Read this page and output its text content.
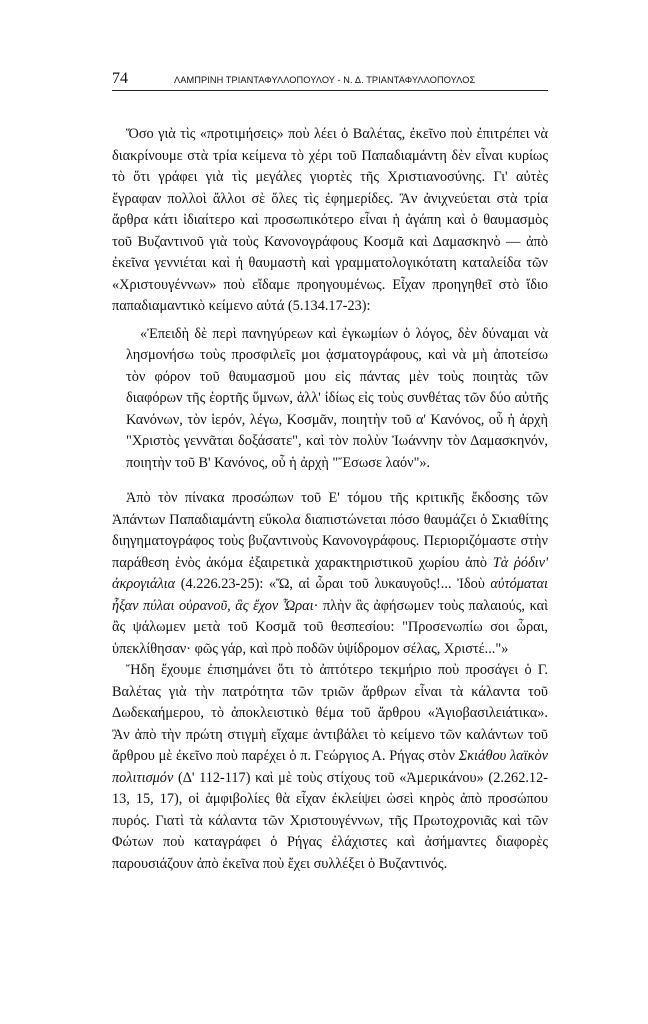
74	ΛΑΜΠΡΙΝΗ ΤΡΙΑΝΤΑΦΥΛΛΟΠΟΥΛΟΥ - Ν. Δ. ΤΡΙΑΝΤΑΦΥΛΛΟΠΟΥΛΟΣ

Ὅσο γιὰ τὶς «προτιμήσεις» ποὺ λέει ὁ Βαλέτας, ἐκεῖνο ποὺ ἐπιτρέπει νὰ διακρίνουμε στὰ τρία κείμενα τὸ χέρι τοῦ Παπαδιαμάντη δὲν εἶναι κυρίως τὸ ὅτι γράφει γιὰ τὶς μεγάλες γιορτὲς τῆς Χριστιανοσύνης. Γι' αὐτὲς ἔγραφαν πολλοὶ ἄλλοι σὲ ὅλες τὶς ἐφημερίδες. Ἂν ἀνιχνεύεται στὰ τρία ἄρθρα κάτι ἰδιαίτερο καὶ προσωπικότερο εἶναι ἡ ἀγάπη καὶ ὁ θαυμασμὸς τοῦ Βυζαντινοῦ γιὰ τοὺς Κανονογράφους Κοσμᾶ καὶ Δαμασκηνὸ — ἀπὸ ἐκεῖνα γεννιέται καὶ ἡ θαυμαστὴ καὶ γραμματολογικότατη καταλείδα τῶν «Χριστουγέννων» ποὺ εἴδαμε προηγουμένως. Εἶχαν προηγηθεῖ στὸ ἴδιο παπαδιαμαντικὸ κείμενο αὐτά (5.134.17-23):

«Ἐπειδὴ δὲ περὶ πανηγύρεων καὶ ἐγκωμίων ὁ λόγος, δὲν δύναμαι νὰ λησμονήσω τοὺς προσφιλεῖς μοι ᾀσματογράφους, καὶ νὰ μὴ ἀποτείσω τὸν φόρον τοῦ θαυμασμοῦ μου εἰς πάντας μὲν τοὺς ποιητὰς τῶν διαφόρων τῆς ἑορτῆς ὕμνων, ἀλλ' ἰδίως εἰς τοὺς συνθέτας τῶν δύο αὐτῆς Κανόνων, τὸν ἱερόν, λέγω, Κοσμᾶν, ποιητὴν τοῦ α' Κανόνος, οὗ ἡ ἀρχὴ "Χριστὸς γεννᾶται δοξάσατε", καὶ τὸν πολὺν Ἰωάννην τὸν Δαμασκηνόν, ποιητὴν τοῦ Β' Κανόνος, οὗ ἡ ἀρχὴ "Ἔσωσε λαόν"».

Ἀπὸ τὸν πίνακα προσώπων τοῦ Ε' τόμου τῆς κριτικῆς ἔκδοσης τῶν Ἁπάντων Παπαδιαμάντη εὔκολα διαπιστώνεται πόσο θαυμάζει ὁ Σκιαθίτης διηγηματογράφος τοὺς βυζαντινοὺς Κανονογράφους. Περιοριζόμαστε στὴν παράθεση ἑνὸς ἀκόμα ἐξαιρετικὰ χαρακτηριστικοῦ χωρίου ἀπὸ Τὰ ῥόδιν' ἀκρογιάλια (4.226.23-25): «Ὤ, αἱ ὧραι τοῦ λυκαυγοῦς!... Ἰδοὺ αὐτόμαται ἦξαν πύλαι οὐρανοῦ, ἃς ἔχον Ὧραι· πλὴν ἃς ἀφήσωμεν τοὺς παλαιούς, καὶ ἂς ψάλωμεν μετὰ τοῦ Κοσμᾶ τοῦ θεσπεσίου: "Προσενωπίω σοι ὧραι, ὑπεκλίθησαν· φῶς γάρ, καὶ πρὸ ποδῶν ὑψίδρομον σέλας, Χριστέ..."»

Ἤδη ἔχουμε ἐπισημάνει ὅτι τὸ ἀπτότερο τεκμήριο ποὺ προσάγει ὁ Γ. Βαλέτας γιὰ τὴν πατρότητα τῶν τριῶν ἄρθρων εἶναι τὰ κάλαντα τοῦ Δωδεκαήμερου, τὸ ἀποκλειστικὸ θέμα τοῦ ἄρθρου «Ἁγιοβασιλειάτικα». Ἂν ἀπὸ τὴν πρώτη στιγμὴ εἴχαμε ἀντιβάλει τὸ κείμενο τῶν καλάντων τοῦ ἄρθρου μὲ ἐκεῖνο ποὺ παρέχει ὁ π. Γεώργιος Α. Ρήγας στὸν Σκιάθου λαϊκὸν πολιτισμόν (Δ' 112-117) καὶ μὲ τοὺς στίχους τοῦ «Ἀμερικάνου» (2.262.12-13, 15, 17), οἱ ἀμφιβολίες θὰ εἶχαν ἐκλείψει ὡσεὶ κηρὸς ἀπὸ προσώπου πυρός. Γιατὶ τὰ κάλαντα τῶν Χριστουγέννων, τῆς Πρωτοχρονιᾶς καὶ τῶν Φώτων ποὺ καταγράφει ὁ Ρήγας ἐλάχιστες καὶ ἀσήμαντες διαφορὲς παρουσιάζουν ἀπὸ ἐκεῖνα ποὺ ἔχει συλλέξει ὁ Βυζαντινός.
